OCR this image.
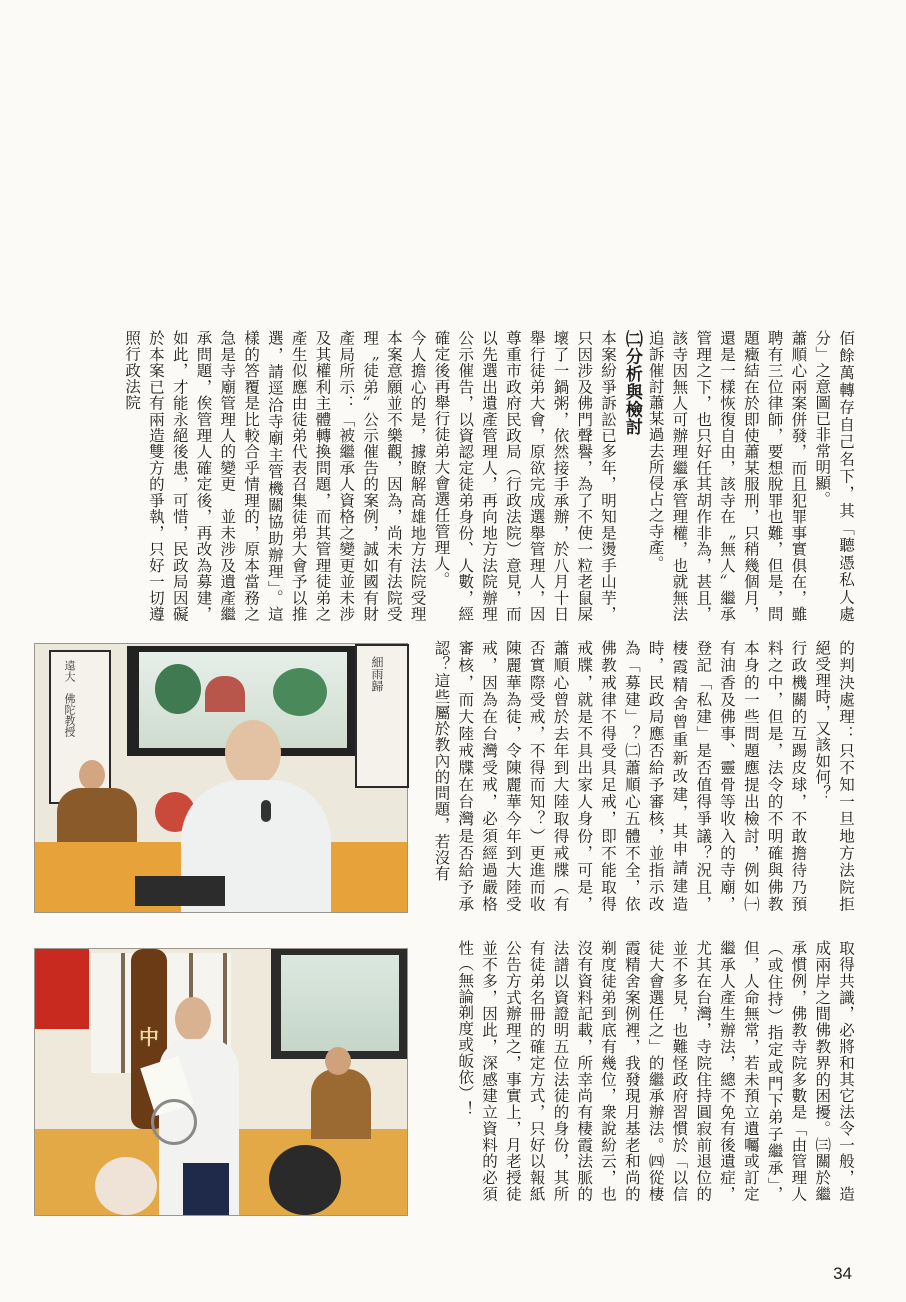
佰餘萬轉存自己名下，其「聽憑私人處分」之意圖已非常明顯。
蕭順心兩案併發，而且犯罪事實俱在，雖聘有三位律師，要想脫罪也難，但是，問題癥結在於即使蕭某服刑，只稍幾個月，還是一樣恢復自由，該寺在〝無人〞繼承管理之下，也只好任其胡作非為，甚且，該寺因無人可辦理繼承管理權，也就無法追訴催討蕭某過去所侵占之寺產。
㈡分析與檢討
本案紛爭訴訟已多年，明知是燙手山芋，只因涉及佛門聲譽，為了不使一粒老鼠屎壞了一鍋粥，依然接手承辦，於八月十日舉行徒弟大會，原欲完成選舉管理人，因尊重市政府民政局（行政法院）意見，而以先選出遺產管理人，再向地方法院辦理公示催告，以資認定徒弟身份、人數，經確定後再舉行徒弟大會選任管理人。
今人擔心的是，據瞭解高雄地方法院受理本案意願並不樂觀，因為，尚未有法院受理〝徒弟〞公示催告的案例，誠如國有財產局所示：「被繼承人資格之變更並未涉及其權利主體轉換問題，而其管理徒弟之產生似應由徒弟代表召集徒弟大會予以推選，請逕洽寺廟主管機關協助辦理」。這樣的答覆是比較合乎情理的，原本當務之急是寺廟管理人的變更　並未涉及遺產繼承問題，俟管理人確定後，再改為募建，如此，才能永絕後患，可惜，民政局因礙於本案已有兩造雙方的爭執，只好一切遵照行政法院
的判決處理：只不知一旦地方法院拒絕受理時，又該如何？
行政機關的互踢皮球，不敢擔待乃預料之中，但是，法令的不明確與佛教本身的一些問題應提出檢討，例如㈠有油香及佛事、靈骨等收入的寺廟，登記「私建」是否值得爭議？況且，棲霞精舍曾重新改建，其申請建造時，民政局應否給予審核，並指示改為「募建」？㈡蕭順心五體不全，依佛教戒律不得受具足戒，即不能取得戒牒，就是不具出家人身份，可是，蕭順心曾於去年到大陸取得戒牒（有否實際受戒，不得而知？）更進而收陳麗華為徒，令陳麗華今年到大陸受戒，因為在台灣受戒，必須經過嚴格審核，而大陸戒牒在台灣是否給予承認？這些屬於教內的問題，若沒有
取得共識，必將和其它法令一般，造成兩岸之間佛教界的困擾。㈢關於繼承慣例，佛教寺院多數是「由管理人（或住持）指定或門下弟子繼承」，但，人命無常，若未預立遺囑或訂定繼承人產生辦法，總不免有後遺症，尤其在台灣，寺院住持圓寂前退位的並不多見，也難怪政府習慣於「以信徒大會選任之」的繼承辦法。㈣從棲霞精舍案例裡，我發現月基老和尚的剃度徒弟到底有幾位，衆說紛云，也沒有資料記載，所幸尚有棲霞法脈的法譜以資證明五位法徒的身份，其所有徒弟名冊的確定方式，只好以報紙公告方式辦理之，事實上，月老授徒並不多，因此，深感建立資料的必須性（無論剃度或皈依）！
遠大　佛陀教授	細雨歸
中
34
